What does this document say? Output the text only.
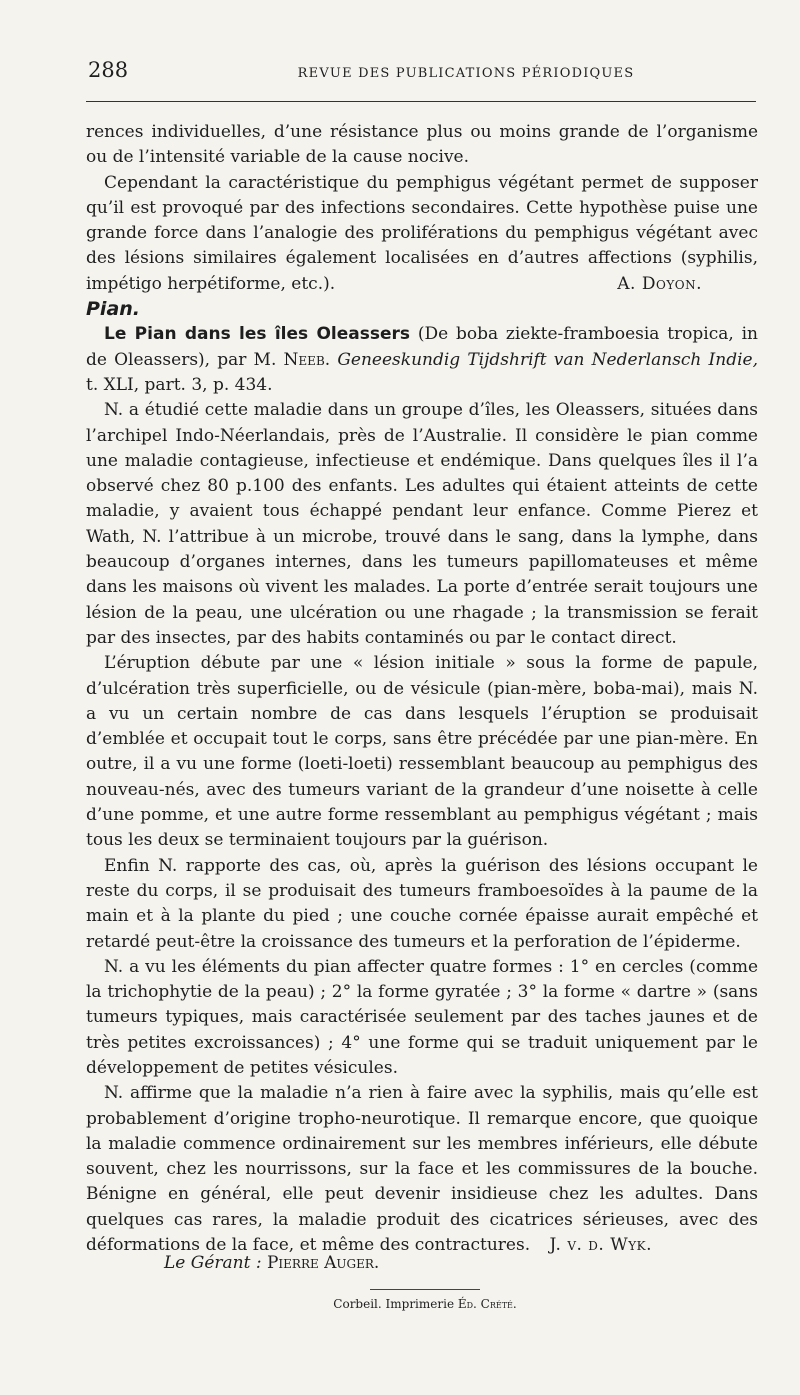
288	REVUE DES PUBLICATIONS PÉRIODIQUES

rences individuelles, d’une résistance plus ou moins grande de l’organisme ou de l’intensité variable de la cause nocive.

Cependant la caractéristique du pemphigus végétant permet de supposer qu’il est provoqué par des infections secondaires. Cette hypothèse puise une grande force dans l’analogie des proliférations du pemphigus végétant avec des lésions similaires également localisées en d’autres affections (syphilis, impétigo herpétiforme, etc.).	A. Doyon.

Pian.

Le Pian dans les îles Oleassers (De boba ziekte-framboesia tropica, in de Oleassers), par M. Neeb. Geneeskundig Tijdshrift van Nederlansch Indie, t. XLI, part. 3, p. 434.

N. a étudié cette maladie dans un groupe d’îles, les Oleassers, situées dans l’archipel Indo-Néerlandais, près de l’Australie. Il considère le pian comme une maladie contagieuse, infectieuse et endémique. Dans quelques îles il l’a observé chez 80 p.100 des enfants. Les adultes qui étaient atteints de cette maladie, y avaient tous échappé pendant leur enfance. Comme Pierez et Wath, N. l’attribue à un microbe, trouvé dans le sang, dans la lymphe, dans beaucoup d’organes internes, dans les tumeurs papillomateuses et même dans les maisons où vivent les malades. La porte d’entrée serait toujours une lésion de la peau, une ulcération ou une rhagade ; la transmission se ferait par des insectes, par des habits contaminés ou par le contact direct.

L’éruption débute par une « lésion initiale » sous la forme de papule, d’ulcération très superficielle, ou de vésicule (pian-mère, boba-mai), mais N. a vu un certain nombre de cas dans lesquels l’éruption se produisait d’emblée et occupait tout le corps, sans être précédée par une pian-mère. En outre, il a vu une forme (loeti-loeti) ressemblant beaucoup au pemphigus des nouveau-nés, avec des tumeurs variant de la grandeur d’une noisette à celle d’une pomme, et une autre forme ressemblant au pemphigus végétant ; mais tous les deux se terminaient toujours par la guérison.

Enfin N. rapporte des cas, où, après la guérison des lésions occupant le reste du corps, il se produisait des tumeurs framboesoïdes à la paume de la main et à la plante du pied ; une couche cornée épaisse aurait empêché et retardé peut-être la croissance des tumeurs et la perforation de l’épiderme.

N. a vu les éléments du pian affecter quatre formes : 1° en cercles (comme la trichophytie de la peau) ; 2° la forme gyratée ; 3° la forme « dartre » (sans tumeurs typiques, mais caractérisée seulement par des taches jaunes et de très petites excroissances) ; 4° une forme qui se traduit uniquement par le développement de petites vésicules.

N. affirme que la maladie n’a rien à faire avec la syphilis, mais qu’elle est probablement d’origine tropho-neurotique. Il remarque encore, que quoique la maladie commence ordinairement sur les membres inférieurs, elle débute souvent, chez les nourrissons, sur la face et les commissures de la bouche. Bénigne en général, elle peut devenir insidieuse chez les adultes. Dans quelques cas rares, la maladie produit des cicatrices sérieuses, avec des déformations de la face, et même des contractures. J. v. d. Wyk.

Le Gérant : Pierre Auger.
Corbeil. Imprimerie Éd. Crété.
